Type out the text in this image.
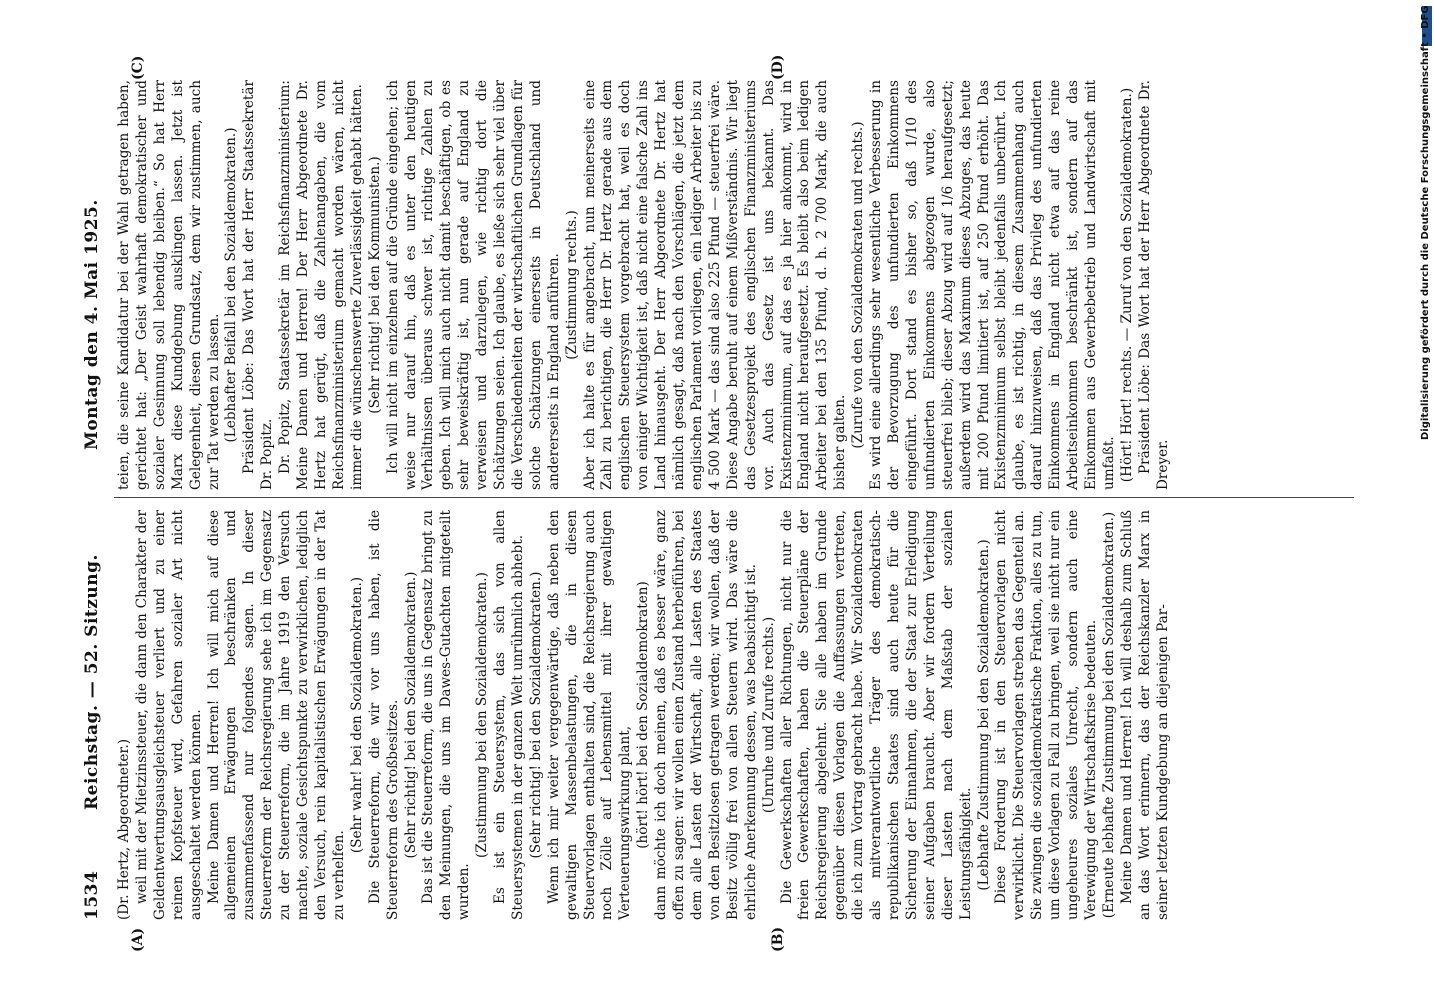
1534
Reichstag. — 52. Sitzung.
Montag den 4. Mai 1925.
(A)	(B)
(C)	(D)

(Dr. Hertz, Abgeordneter.) weil mit der Mietzinssteuer, die dann den Charakter der Geldentwertungsausgleichsteuer verliert und zu einer reinen Kopfsteuer wird, Gefahren sozialer Art nicht ausgeschaltet werden können. Meine Damen und Herren! Ich will mich auf diese allgemeinen Erwägungen beschränken und zusammenfassend nur folgendes sagen. In dieser Steuerreform der Reichsregierung sehe ich im Gegensatz zu der Steuerreform, die im Jahre 1919 den Versuch machte, soziale Gesichtspunkte zu verwirklichen, lediglich den Versuch, rein kapitalistischen Erwägungen in der Tat zu verhelfen.

(Sehr wahr! bei den Sozialdemokraten.) Die Steuerreform, die wir vor uns haben, ist die Steuerreform des Großbesitzes. (Sehr richtig! bei den Sozialdemokraten.) Das ist die Steuerreform, die uns in Gegensatz bringt zu den Meinungen, die uns im Dawes-Gutachten mitgeteilt wurden.

(Zustimmung bei den Sozialdemokraten.) Es ist ein Steuersystem, das sich von allen Steuersystemen in der ganzen Welt unrühmlich abhebt. (Sehr richtig! bei den Sozialdemokraten.) Wenn ich mir weiter vergegenwärtige, daß neben den gewaltigen Massenbelastungen, die in diesen Steuervorlagen enthalten sind, die Reichsregierung auch noch Zölle auf Lebensmittel mit ihrer gewaltigen Verteuerungswirkung plant, (hört! hört! bei den Sozialdemokraten) dann möchte ich doch meinen, daß es besser wäre, ganz offen zu sagen: wir wollen einen Zustand herbeiführen, bei dem alle Lasten der Wirtschaft, alle Lasten des Staates von den Besitzlosen getragen werden; wir wollen, daß der Besitz völlig frei von allen Steuern wird. Das wäre die ehrliche Anerkennung dessen, was beabsichtigt ist. (Unruhe und Zurufe rechts.) Die Gewerkschaften aller Richtungen, nicht nur die freien Gewerkschaften, haben die Steuerpläne der Reichsregierung abgelehnt. Sie alle haben im Grunde gegenüber diesen Vorlagen die Auffassungen vertreten, die ich zum Vortrag gebracht habe. Wir Sozialdemokraten als mitverantwortliche Träger des demokratisch-republikanischen Staates sind auch heute für die Sicherung der Einnahmen, die der Staat zur Erledigung seiner Aufgaben braucht. Aber wir fordern Verteilung dieser Lasten nach dem Maßstab der sozialen Leistungsfähigkeit. (Lebhafte Zustimmung bei den Sozialdemokraten.) Diese Forderung ist in den Steuervorlagen nicht verwirklicht. Die Steuervorlagen streben das Gegenteil an. Sie zwingen die sozialdemokratische Fraktion, alles zu tun, um diese Vorlagen zu Fall zu bringen, weil sie nicht nur ein ungeheures soziales Unrecht, sondern auch eine Verewigung der Wirtschaftskrise bedeuten. (Erneute lebhafte Zustimmung bei den Sozialdemokraten.) Meine Damen und Herren! Ich will deshalb zum Schluß an das Wort erinnern, das der Reichskanzler Marx in seiner letzten Kundgebung an diejenigen Par-

teien, die seine Kandidatur bei der Wahl getragen haben, gerichtet hat: „Der Geist wahrhaft demokratischer und sozialer Gesinnung soll lebendig bleiben.“ So hat Herr Marx diese Kundgebung ausklingen lassen. Jetzt ist Gelegenheit, diesen Grundsatz, dem wir zustimmen, auch zur Tat werden zu lassen. (Lebhafter Beifall bei den Sozialdemokraten.) Präsident Löbe: Das Wort hat der Herr Staatssekretär Dr. Popitz. Dr. Popitz, Staatssekretär im Reichsfinanzministerium: Meine Damen und Herren! Der Herr Abgeordnete Dr. Hertz hat gerügt, daß die Zahlenangaben, die vom Reichsfinanzministerium gemacht worden wären, nicht immer die wünschenswerte Zuverlässigkeit gehabt hätten. (Sehr richtig! bei den Kommunisten.) Ich will nicht im einzelnen auf die Gründe eingehen; ich weise nur darauf hin, daß es unter den heutigen Verhältnissen überaus schwer ist, richtige Zahlen zu geben. Ich will mich auch nicht damit beschäftigen, ob es sehr beweiskräftig ist, nun gerade auf England zu verweisen und darzulegen, wie richtig dort die Schätzungen seien. Ich glaube, es ließe sich sehr viel über die Verschiedenheiten der wirtschaftlichen Grundlagen für solche Schätzungen einerseits in Deutschland und andererseits in England anführen. (Zustimmung rechts.) Aber ich halte es für angebracht, nun meinerseits eine Zahl zu berichtigen, die Herr Dr. Hertz gerade aus dem englischen Steuersystem vorgebracht hat, weil es doch von einiger Wichtigkeit ist, daß nicht eine falsche Zahl ins Land hinausgeht. Der Herr Abgeordnete Dr. Hertz hat nämlich gesagt, daß nach den Vorschlägen, die jetzt dem englischen Parlament vorliegen, ein lediger Arbeiter bis zu 4 500 Mark — das sind also 225 Pfund — steuerfrei wäre. Diese Angabe beruht auf einem Mißverständnis. Wir liegt das Gesetzesprojekt des englischen Finanzministeriums vor. Auch das Gesetz ist uns bekannt. Das Existenzminimum, auf das es ja hier ankommt, wird in England nicht heraufgesetzt. Es bleibt also beim ledigen Arbeiter bei den 135 Pfund, d. h. 2 700 Mark, die auch bisher galten. (Zurufe von den Sozialdemokraten und rechts.) Es wird eine allerdings sehr wesentliche Verbesserung in der Bevorzugung des unfundierten Einkommens eingeführt. Dort stand es bisher so, daß 1/10 des unfundierten Einkommens abgezogen wurde, also steuerfrei blieb; dieser Abzug wird auf 1/6 heraufgesetzt; außerdem wird das Maximum dieses Abzuges, das heute mit 200 Pfund limitiert ist, auf 250 Pfund erhöht. Das Existenzminimum selbst bleibt jedenfalls unberührt. Ich glaube, es ist richtig, in diesem Zusammenhang auch darauf hinzuweisen, daß das Privileg des unfundierten Einkommens in England nicht etwa auf das reine Arbeitseinkommen beschränkt ist, sondern auf das Einkommen aus Gewerbebetrieb und Landwirtschaft mit umfaßt. (Hört! Hört! rechts. — Zuruf von den Sozialdemokraten.) Präsident Löbe: Das Wort hat der Herr Abgeordnete Dr. Dreyer.

Digitalisierung gefördert durch die Deutsche Forschungsgemeinschaft • DFG
